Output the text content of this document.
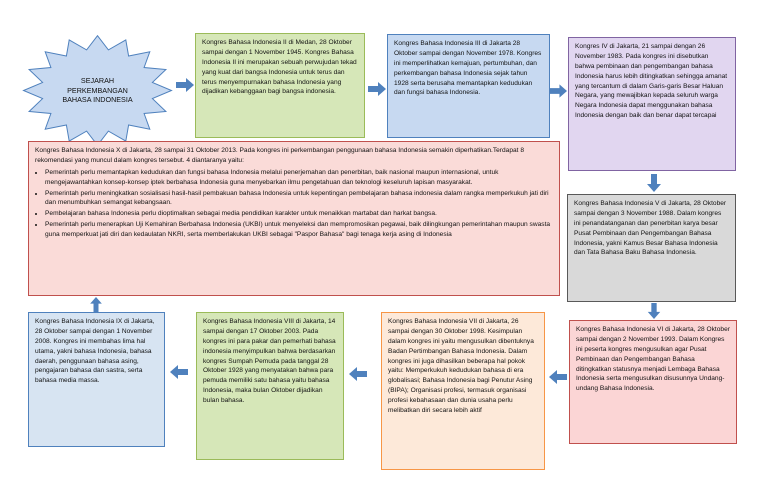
SEJARAH PERKEMBANGAN BAHASA INDONESIA

Kongres Bahasa Indonesia II di Medan, 28 Oktober sampai dengan 1 November 1945. Kongres Bahasa Indonesia II ini merupakan sebuah perwujudan tekad yang kuat dari bangsa Indonesia untuk terus dan terus menyempurnakan bahasa Indonesia yang dijadikan kebanggaan bagi bangsa indonesia.

Kongres Bahasa Indonesia III di Jakarta 28 Oktober sampai dengan November 1978. Kongres ini memperlihatkan kemajuan, pertumbuhan, dan perkembangan bahasa Indonesia sejak tahun 1928 serta berusaha memantapkan kedudukan dan fungsi bahasa Indonesia.

Kongres IV di Jakarta, 21 sampai dengan 26 November 1983. Pada kongres ini disebutkan bahwa pembinaan dan pengembangan bahasa Indonesia harus lebih ditingkatkan sehingga amanat yang tercantum di dalam Garis-garis Besar Haluan Negara, yang mewajibkan kepada seluruh warga Negara Indonesia dapat menggunakan bahasa Indonesia dengan baik dan benar dapat tercapai

Kongres Bahasa Indonesia X di Jakarta, 28 sampai 31 Oktober 2013. Pada kongres ini perkembangan penggunaan bahasa Indonesia semakin diperhatikan.Terdapat 8 rekomendasi yang muncul dalam kongres tersebut. 4 diantaranya yaitu:

• Pemerintah perlu memantapkan kedudukan dan fungsi bahasa Indonesia melalui penerjemahan dan penerbitan, baik nasional maupun internasional, untuk mengejawantahkan konsep-konsep iptek berbahasa Indonesia guna menyebarkan ilmu pengetahuan dan teknologi keseluruh lapisan masyarakat.
• Pemerintah perlu meningkatkan sosialisasi hasil-hasil pembakuan bahasa Indonesia untuk kepentingan pembelajaran bahasa indonesia dalam rangka memperkukuh jati diri dan menumbuhkan semangat kebangsaan.
• Pembelajaran bahasa Indonesia perlu dioptimalkan sebagai media pendidikan karakter untuk menaikkan martabat dan harkat bangsa.
• Pemerintah perlu menerapkan Uji Kemahiran Berbahasa Indonesia (UKBI) untuk menyeleksi dan mempromosikan pegawai, baik dilingkungan pemerintahan maupun swasta guna memperkuat jati diri dan kedaulatan NKRI, serta memberlakukan UKBI sebagai "Paspor Bahasa" bagi tenaga kerja asing di Indonesia

Kongres Bahasa Indonesia V di Jakarta, 28 Oktober sampai dengan 3 November 1988. Dalam kongres ini penandatanganan dan penerbitan karya besar Pusat Pembinaan dan Pengembangan Bahasa Indonesia, yakni Kamus Besar Bahasa Indonesia dan Tata Bahasa Baku Bahasa Indonesia.

Kongres Bahasa Indonesia IX di Jakarta, 28 Oktober sampai dengan 1 November 2008. Kongres ini membahas lima hal utama, yakni bahasa Indonesia, bahasa daerah, penggunaan bahasa asing, pengajaran bahasa dan sastra, serta bahasa media massa.

Kongres Bahasa Indonesia VIII di Jakarta, 14 sampai dengan 17 Oktober 2003. Pada kongres ini para pakar dan pemerhati bahasa indonesia menyimpulkan bahwa berdasarkan kongres Sumpah Pemuda pada tanggal 28 Oktober 1928 yang menyatakan bahwa para pemuda memiliki satu bahasa yaitu bahasa Indonesia, maka bulan Oktober dijadikan bulan bahasa.

Kongres Bahasa Indonesia VII di Jakarta, 26 sampai dengan 30 Oktober 1998. Kesimpulan dalam kongres ini yaitu mengusulkan dibentuknya Badan Pertimbangan Bahasa Indonesia. Dalam kongres ini juga dihasilkan beberapa hal pokok yaitu: Memperkukuh kedudukan bahasa di era globalisasi; Bahasa Indonesia bagi Penutur Asing (BIPA); Organisasi profesi, termasuk organisasi profesi kebahasaan dan dunia usaha perlu melibatkan diri secara lebih aktif

Kongres Bahasa Indonesia VI di Jakarta, 28 Oktober sampai dengan 2 November 1993. Dalam Kongres ini peserta kongres mengusulkan agar Pusat Pembinaan dan Pengembangan Bahasa ditingkatkan statusnya menjadi Lembaga Bahasa Indonesia serta mengusulkan disusunnya Undang-undang Bahasa Indonesia.
